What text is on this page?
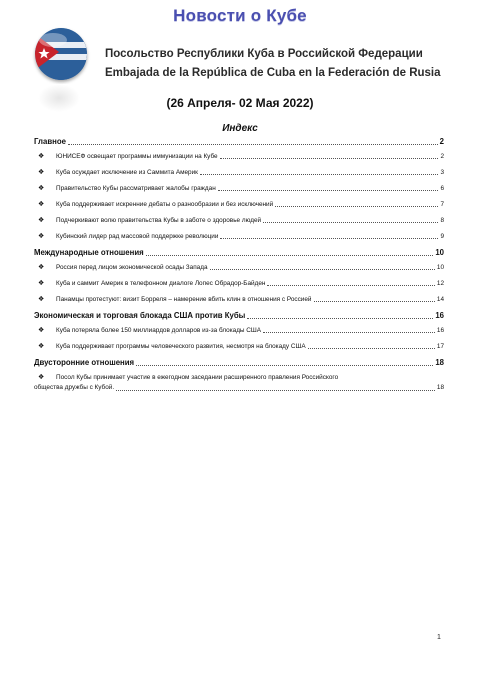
Новости о Кубе
Посольство Республики Куба в Российской Федерации
Embajada de la República de Cuba en la Federación de Rusia
(26 Апреля- 02 Мая 2022)
Индекс
Главное	2
❖ ЮНИСЕФ освещает программы иммунизации на Кубе	2
❖ Куба осуждает исключение из Саммита Америк	3
❖ Правительство Кубы рассматривает жалобы граждан	6
❖ Куба поддерживает искренние дебаты о разнообразии и без исключений	7
❖ Подчеркивают волю правительства Кубы в заботе о здоровье людей	8
❖ Кубинский лидер рад массовой поддержке революции	9
Международные отношения	10
❖ Россия перед лицом экономической осады Запада	10
❖ Куба и саммит Америк в телефонном диалоге Лопес Обрадор-Байден	12
❖ Панамцы протестуют: визит Борреля – намерение вбить клин в отношения с Россией	14
Экономическая и торговая блокада США против Кубы	16
❖ Куба потеряла более 150 миллиардов долларов из-за блокады США	16
❖ Куба поддерживает программы человеческого развития, несмотря на блокаду США	17
Двусторонние отношения	18
❖ Посол Кубы принимает участие в ежегодном заседании расширенного правления Российского
общества дружбы с Кубой.	18
1
